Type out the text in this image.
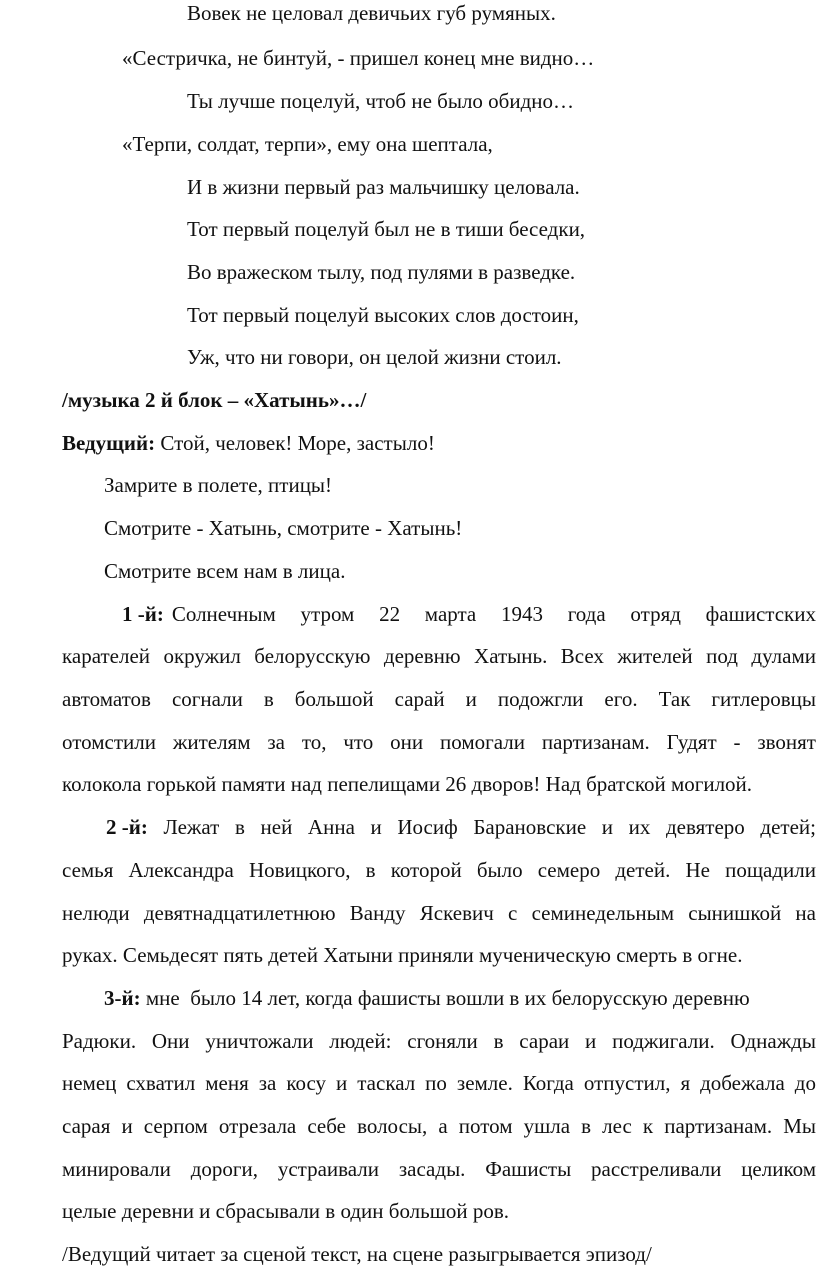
Вовек не целовал девичьих губ румяных.
«Сестричка, не бинтуй, - пришел конец мне видно…
Ты лучше поцелуй, чтоб не было обидно…
«Терпи, солдат, терпи», ему она шептала,
И в жизни первый раз мальчишку целовала.
Тот первый поцелуй был не в тиши беседки,
Во вражеском тылу, под пулями в разведке.
Тот первый поцелуй высоких слов достоин,
Уж, что ни говори, он целой жизни стоил.
/музыка 2 й блок – «Хатынь»…/
Ведущий: Стой, человек! Море, застыло!
Замрите в полете, птицы!
Смотрите - Хатынь, смотрите - Хатынь!
Смотрите всем нам в лица.
1 -й: Солнечным утром 22 марта 1943 года отряд фашистских
карателей окружил белорусскую деревню Хатынь. Всех жителей под дулами
автоматов согнали в большой сарай и подожгли его. Так гитлеровцы
отомстили жителям за то, что они помогали партизанам. Гудят - звонят
колокола горькой памяти над пепелищами 26 дворов! Над братской могилой.
2 -й: Лежат в ней Анна и Иосиф Барановские и их девятеро детей;
семья Александра Новицкого, в которой было семеро детей. Не пощадили
нелюди девятнадцатилетнюю Ванду Яскевич с семинедельным сынишкой на
руках. Семьдесят пять детей Хатыни приняли мученическую смерть в огне.
3-й: мне  было 14 лет, когда фашисты вошли в их белорусскую деревню
Радюки. Они уничтожали людей: сгоняли в сараи и поджигали. Однажды
немец схватил меня за косу и таскал по земле. Когда отпустил, я добежала до
сарая и серпом отрезала себе волосы, а потом ушла в лес к партизанам. Мы
минировали дороги, устраивали засады. Фашисты расстреливали целиком
целые деревни и сбрасывали в один большой ров.
/Ведущий читает за сценой текст, на сцене разыгрывается эпизод/
